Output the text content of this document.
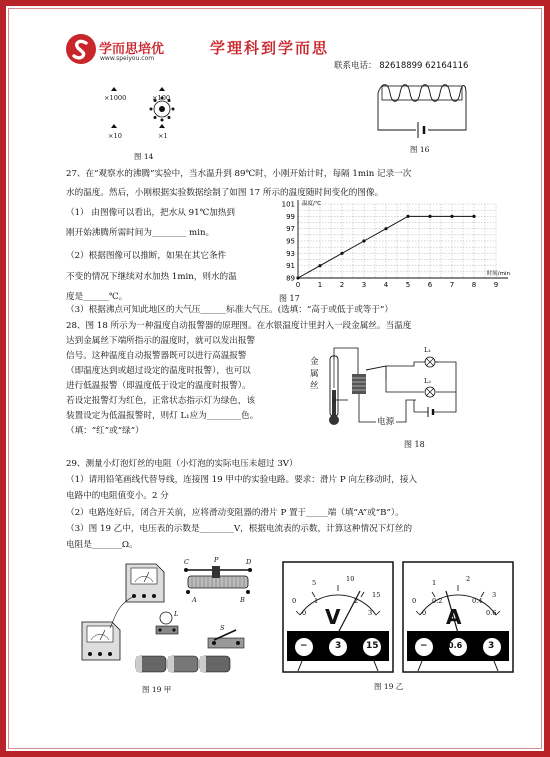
学而思培优
www.speiyou.com
学理科到学而思
联系电话： 82618899 62164116
×1000	×100
×10	×1
图 14
图 16
27、在“观察水的沸腾”实验中，当水温升到 89℃时，小刚开始计时，每隔 1min 记录一次
水的温度。然后，小刚根据实验数据绘制了如图 17 所示的温度随时间变化的图像。
（1） 由图像可以看出，把水从 91℃加热到
刚开始沸腾所需时间为________ min。
（2）根据图像可以推断，如果在其它条件
不变的情况下继续对水加热 1min，则水的温
度是______℃。
0	1	2	3	4	5	6	7	8	9
89
91
93
95
97
99
101 温度/℃
时间/min
图 17
（3）根据沸点可知此地区的大气压______标准大气压。(选填：“高于或低于或等于”）
28、图 18 所示为一种温度自动报警器的原理图。在水银温度计里封入一段金属丝。当温度
达到金属丝下端所指示的温度时，就可以发出报警
信号。这种温度自动报警器既可以进行高温报警
（即温度达到或超过设定的温度时报警），也可以
进行低温报警（即温度低于设定的温度时报警）。
若设定报警灯为红色，正常状态指示灯为绿色，该
装置设定为低温报警时，则灯 L₁应为________色。
（填：“红”或“绿”）
金
属
丝
电源
L₁
L₂
图 18
29、测量小灯泡灯丝的电阻（小灯泡的实际电压未超过 3V）
（1）请用铅笔画线代替导线，连接图 19 甲中的实验电路。要求：滑片 P 向左移动时，接入
电路中的电阻值变小。2 分
（2）电路连好后，闭合开关前，应将滑动变阻器的滑片 P 置于_____端（填“A”或“B”）。
（3）图 19 乙中，电压表的示数是________V，根据电流表的示数，计算这种情况下灯丝的
电阻是_______Ω。
C	P	D
A	B
L
S
图 19 甲
V
0
5	10
15
0
1	2
3
−	3	15
A
0
1	2
3
0
0.2	0.4
0.6
−	0.6	3
图 19 乙
